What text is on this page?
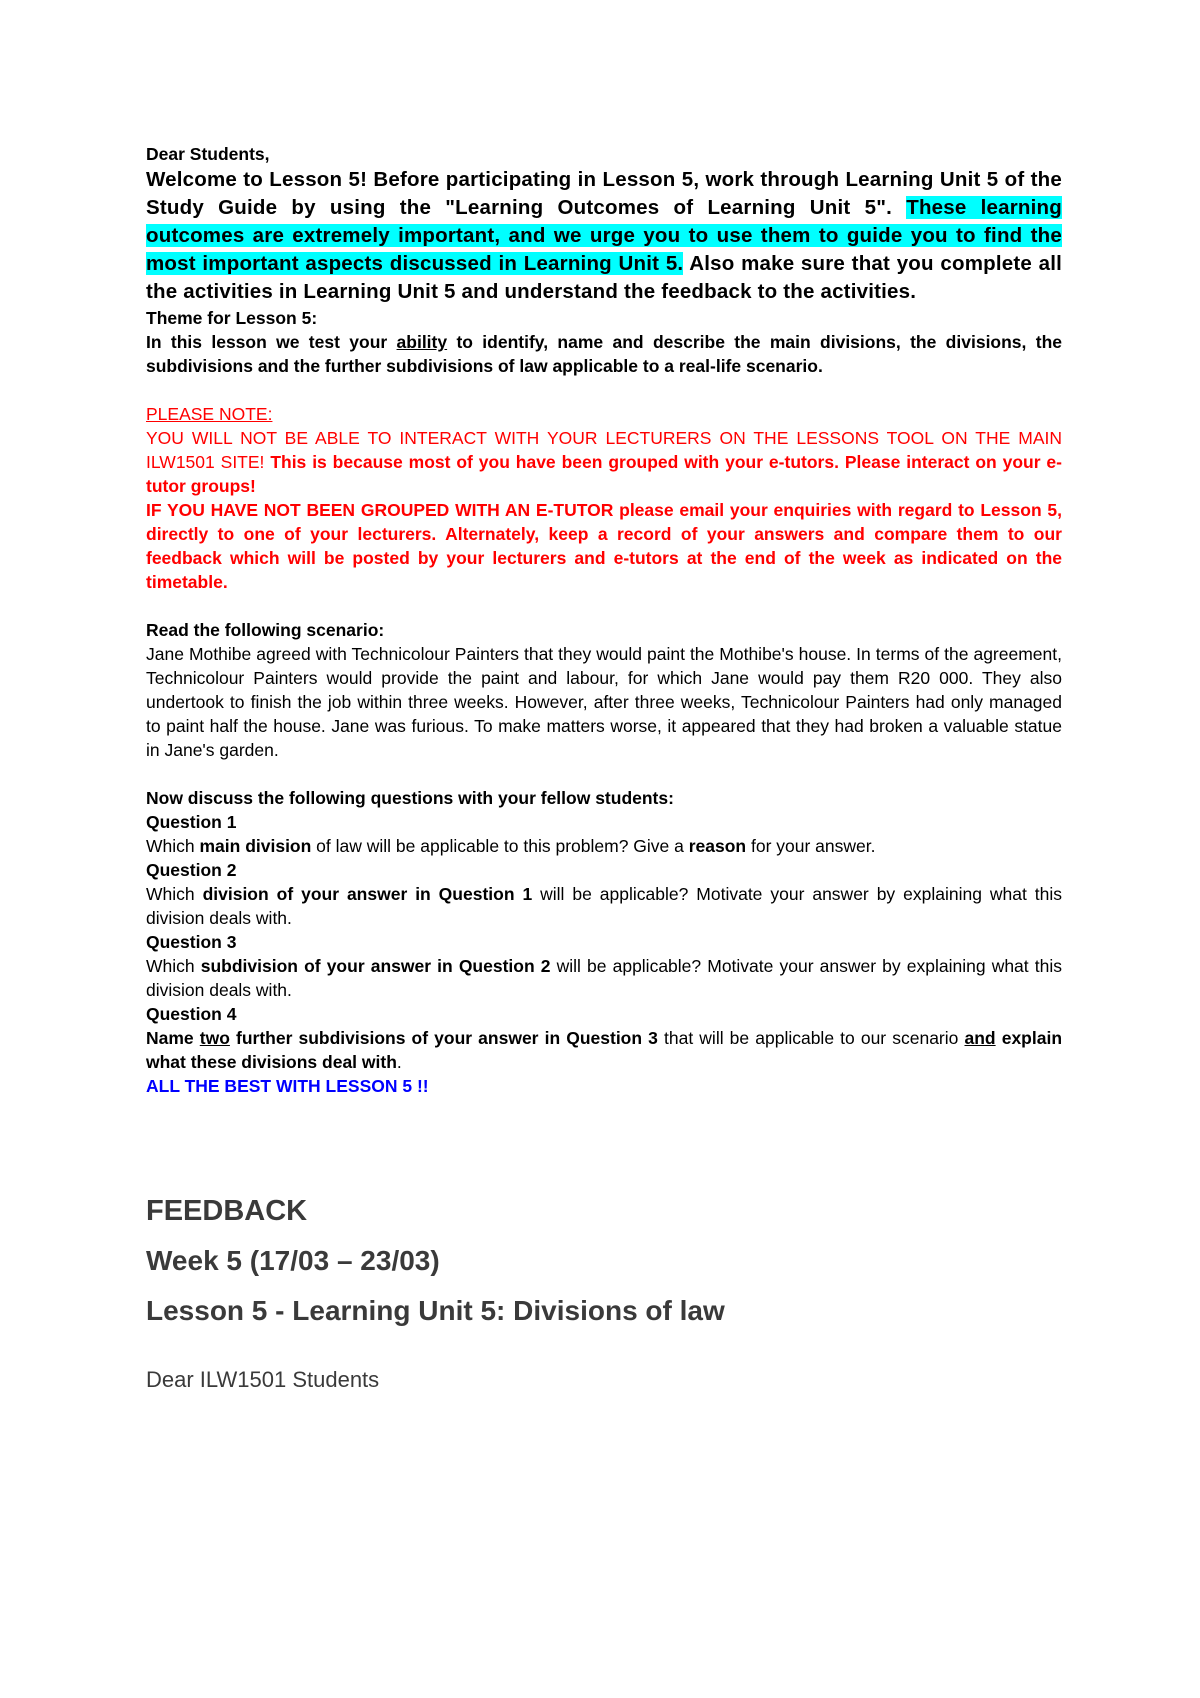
Dear Students,

Welcome to Lesson 5! Before participating in Lesson 5, work through Learning Unit 5 of the Study Guide by using the "Learning Outcomes of Learning Unit 5". These learning outcomes are extremely important, and we urge you to use them to guide you to find the most important aspects discussed in Learning Unit 5. Also make sure that you complete all the activities in Learning Unit 5 and understand the feedback to the activities.

Theme for Lesson 5:

In this lesson we test your ability to identify, name and describe the main divisions, the divisions, the subdivisions and the further subdivisions of law applicable to a real-life scenario.

PLEASE NOTE:

YOU WILL NOT BE ABLE TO INTERACT WITH YOUR LECTURERS ON THE LESSONS TOOL ON THE MAIN ILW1501 SITE! This is because most of you have been grouped with your e-tutors. Please interact on your e-tutor groups!

IF YOU HAVE NOT BEEN GROUPED WITH AN E-TUTOR please email your enquiries with regard to Lesson 5, directly to one of your lecturers. Alternately, keep a record of your answers and compare them to our feedback which will be posted by your lecturers and e-tutors at the end of the week as indicated on the timetable.

Read the following scenario:

Jane Mothibe agreed with Technicolour Painters that they would paint the Mothibe's house. In terms of the agreement, Technicolour Painters would provide the paint and labour, for which Jane would pay them R20 000. They also undertook to finish the job within three weeks. However, after three weeks, Technicolour Painters had only managed to paint half the house. Jane was furious. To make matters worse, it appeared that they had broken a valuable statue in Jane's garden.

Now discuss the following questions with your fellow students:

Question 1

Which main division of law will be applicable to this problem? Give a reason for your answer.

Question 2

Which division of your answer in Question 1 will be applicable? Motivate your answer by explaining what this division deals with.

Question 3

Which subdivision of your answer in Question 2 will be applicable? Motivate your answer by explaining what this division deals with.

Question 4

Name two further subdivisions of your answer in Question 3 that will be applicable to our scenario and explain what these divisions deal with.

ALL THE BEST WITH LESSON 5 !!

FEEDBACK

Week 5 (17/03 – 23/03)

Lesson 5 - Learning Unit 5: Divisions of law

Dear ILW1501 Students
